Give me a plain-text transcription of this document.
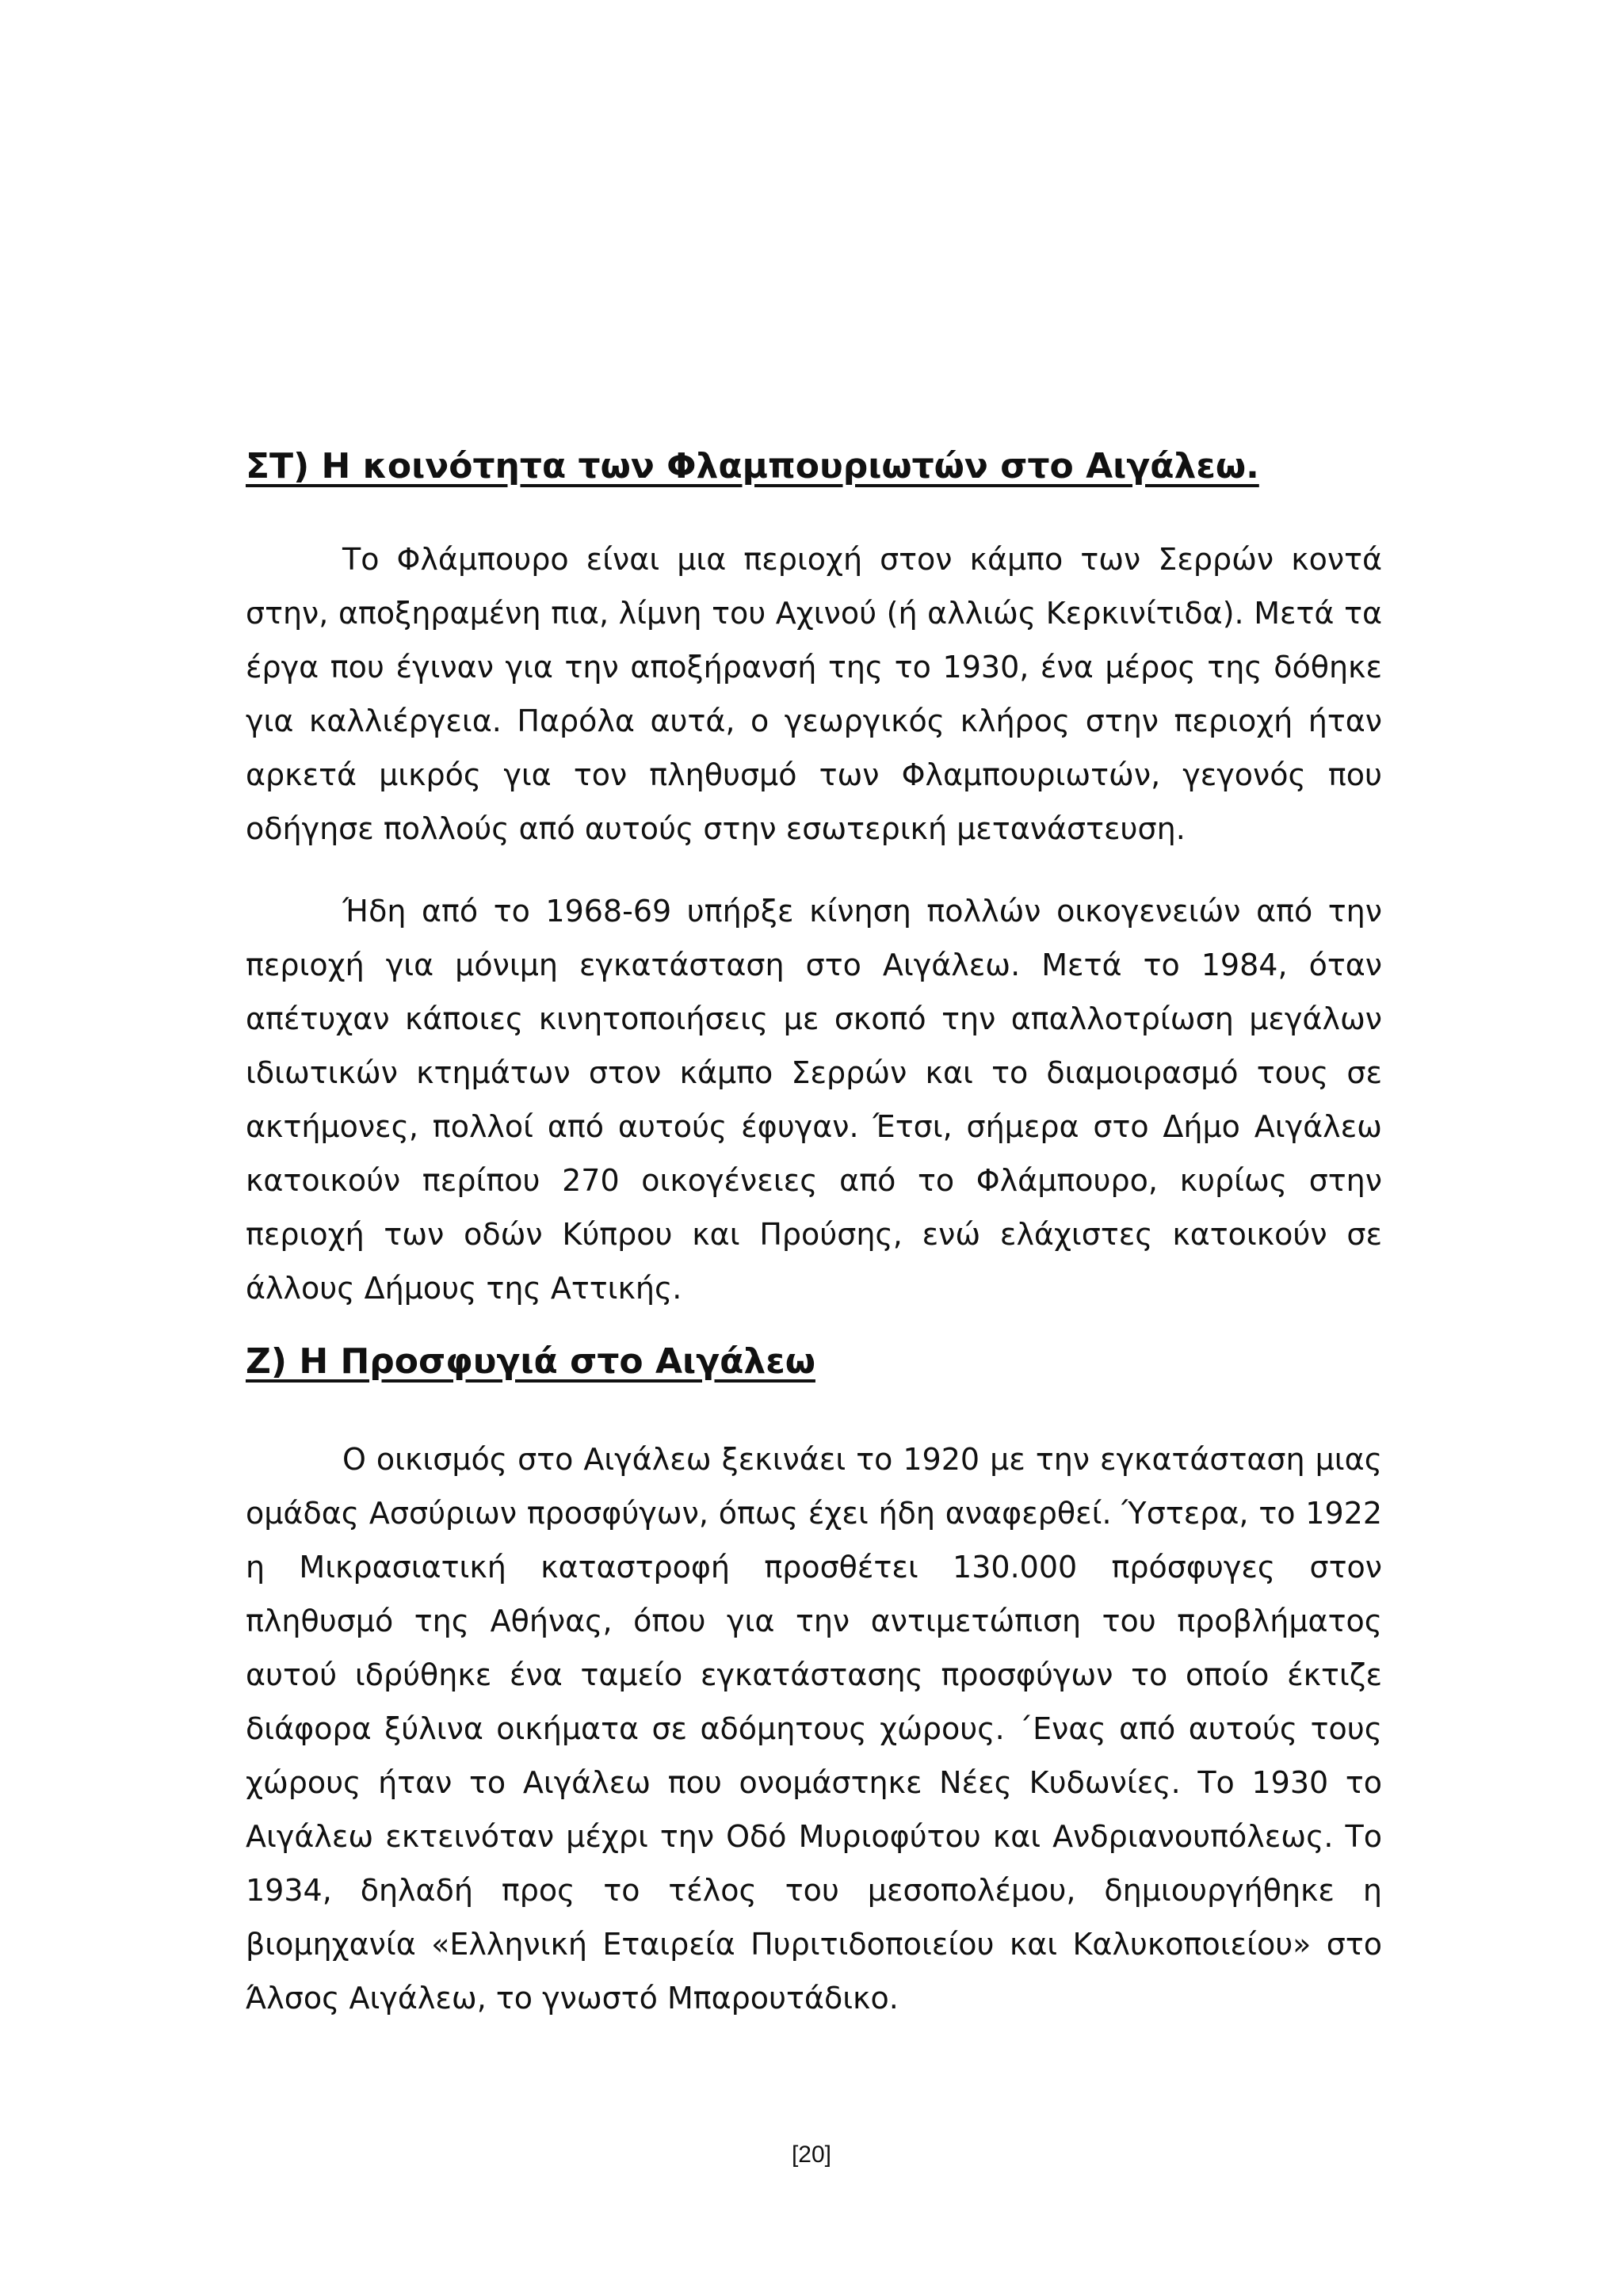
ΣΤ) Η κοινότητα των Φλαμπουριωτών στο Αιγάλεω.

Το Φλάμπουρο είναι μια περιοχή στον κάμπο των Σερρών κοντά στην, αποξηραμένη πια, λίμνη του Αχινού (ή αλλιώς Κερκινίτιδα). Μετά τα έργα που έγιναν για την αποξήρανσή της το 1930, ένα μέρος της δόθηκε για καλλιέργεια. Παρόλα αυτά, ο γεωργικός κλήρος στην περιοχή ήταν αρκετά μικρός για τον πληθυσμό των Φλαμπουριωτών, γεγονός που οδήγησε πολλούς από αυτούς στην εσωτερική μετανάστευση.

Ήδη από το 1968-69 υπήρξε κίνηση πολλών οικογενειών από την περιοχή για μόνιμη εγκατάσταση στο Αιγάλεω. Μετά το 1984, όταν απέτυχαν κάποιες κινητοποιήσεις με σκοπό την απαλλοτρίωση μεγάλων ιδιωτικών κτημάτων στον κάμπο Σερρών και το διαμοιρασμό τους σε ακτήμονες, πολλοί από αυτούς έφυγαν. Έτσι, σήμερα στο Δήμο Αιγάλεω κατοικούν περίπου 270 οικογένειες από το Φλάμπουρο, κυρίως στην περιοχή των οδών Κύπρου και Προύσης, ενώ ελάχιστες κατοικούν σε άλλους Δήμους της Αττικής.

Ζ) Η Προσφυγιά στο Αιγάλεω

Ο οικισμός στο Αιγάλεω ξεκινάει το 1920 με την εγκατάσταση μιας ομάδας Ασσύριων προσφύγων, όπως έχει ήδη αναφερθεί. Ύστερα, το 1922 η Μικρασιατική καταστροφή προσθέτει 130.000 πρόσφυγες στον πληθυσμό της Αθήνας, όπου για την αντιμετώπιση του προβλήματος αυτού ιδρύθηκε ένα ταμείο εγκατάστασης προσφύγων το οποίο έκτιζε διάφορα ξύλινα οικήματα σε αδόμητους χώρους. ΄Ενας από αυτούς τους χώρους ήταν το Αιγάλεω που ονομάστηκε Νέες Κυδωνίες. Το 1930 το Αιγάλεω εκτεινόταν μέχρι την Οδό Μυριοφύτου και Ανδριανουπόλεως. Το 1934, δηλαδή προς το τέλος του μεσοπολέμου, δημιουργήθηκε η βιομηχανία «Ελληνική Εταιρεία Πυριτιδοποιείου και Καλυκοποιείου» στο Άλσος Αιγάλεω, το γνωστό Μπαρουτάδικο.

[20]
